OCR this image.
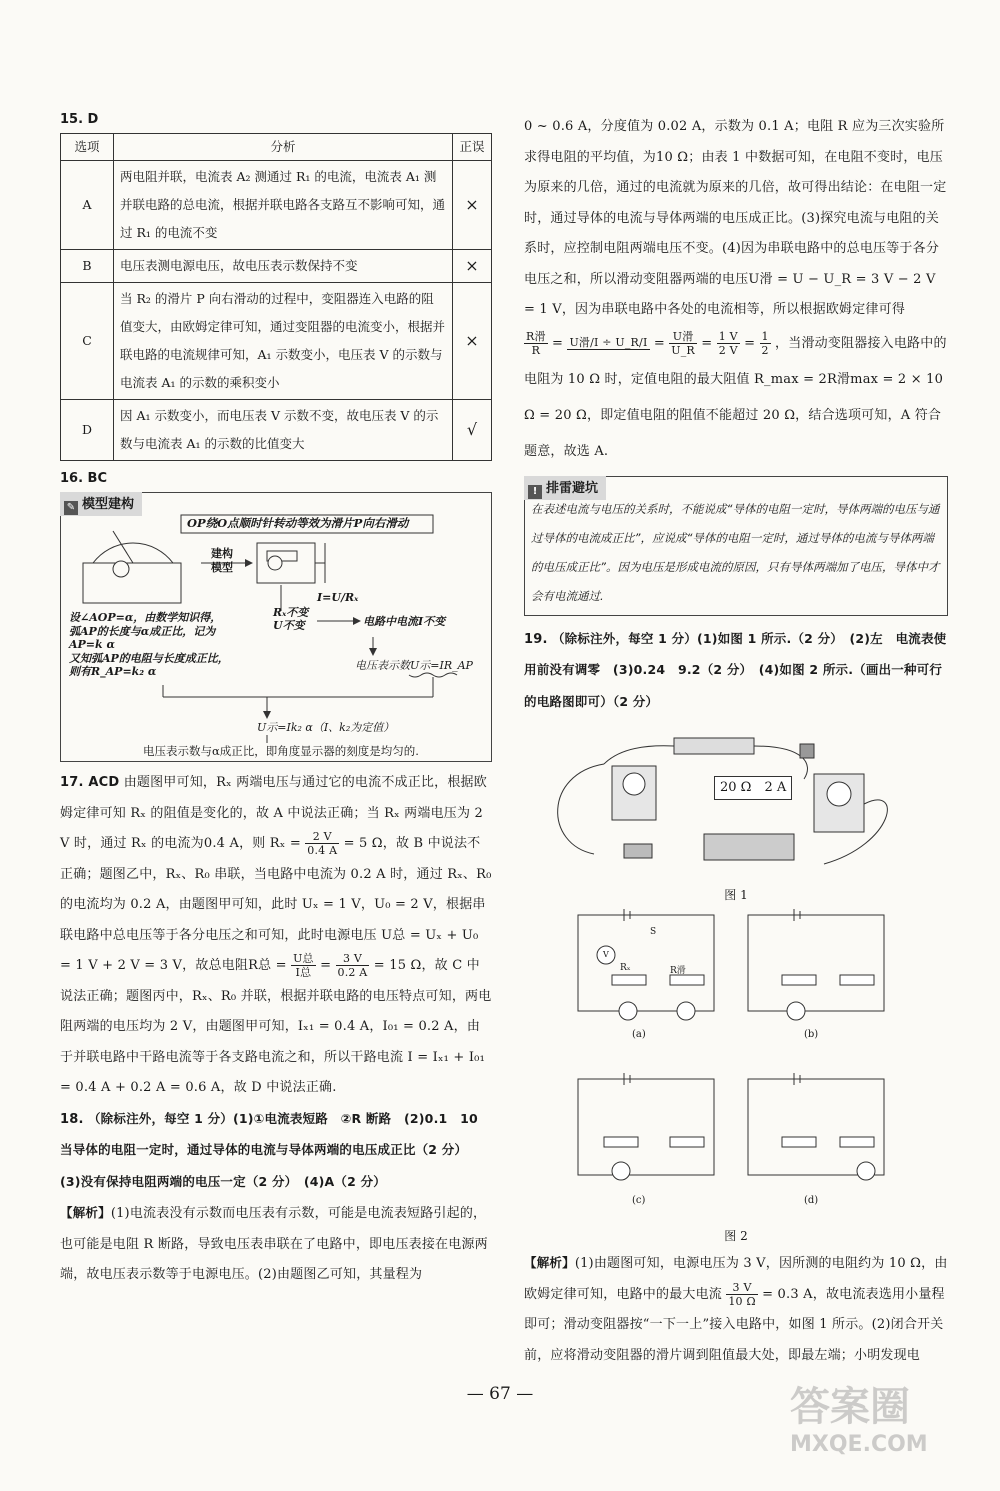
15. D
选项	分析	正误
A	两电阻并联，电流表 A₂ 测通过 R₁ 的电流，电流表 A₁ 测并联电路的总电流，根据并联电路各支路互不影响可知，通过 R₁ 的电流不变	×
B	电压表测电源电压，故电压表示数保持不变	×
C	当 R₂ 的滑片 P 向右滑动的过程中，变阻器连入电路的阻值变大，由欧姆定律可知，通过变阻器的电流变小，根据并联电路的电流规律可知，A₁ 示数变小，电压表 V 的示数与电流表 A₁ 的示数的乘积变小	×
D	因 A₁ 示数变小，而电压表 V 示数不变，故电压表 V 的示数与电流表 A₁ 的示数的比值变大	√
16. BC
✎ 模型建构
OP绕O点顺时针转动等效为滑片P向右滑动
建构模型
Rₓ不变
U不变
I=U/Rₓ
电路中电流I不变
设∠AOP=α，由数学知识得，
弧AP的长度与α成正比，记为
AP=k α
又知弧AP的电阻与长度成正比，
则有R_AP=k₂ α	电压表示数U示=IR_AP
U示=Ik₂ α（I、k₂为定值）
电压表示数与α成正比，即角度显示器的刻度是均匀的.
17. ACD 由题图甲可知，Rₓ 两端电压与通过它的电流不成正比，根据欧姆定律可知 Rₓ 的阻值是变化的，故 A 中说法正确；当 Rₓ 两端电压为 2 V 时，通过 Rₓ 的电流为0.4 A，则 $R_x = \frac{2 V}{0.4 A} = 5$ Ω，故 B 中说法不正确；题图乙中，Rₓ、R₀ 串联，当电路中电流为 0.2 A 时，通过 Rₓ、R₀ 的电流均为 0.2 A，由题图甲可知，此时 Uₓ = 1 V，U₀ = 2 V，根据串联电路中总电压等于各分电压之和可知，此时电源电压 U总 = Uₓ + U₀ = 1 V + 2 V = 3 V，故总电阻R总 = $\frac{\text{U总}}{\text{I总}} = \frac{3 V}{0.2 A} = 15$ Ω，故 C 中说法正确；题图丙中，Rₓ、R₀ 并联，根据并联电路的电压特点可知，两电阻两端的电压均为 2 V，由题图甲可知，Iₓ₁ = 0.4 A，I₀₁ = 0.2 A，由于并联电路中干路电流等于各支路电流之和，所以干路电流 I = Iₓ₁ + I₀₁ = 0.4 A + 0.2 A = 0.6 A，故 D 中说法正确.
18. （除标注外，每空 1 分）(1)①电流表短路　②R 断路　(2)0.1　10　当导体的电阻一定时，通过导体的电流与导体两端的电压成正比（2 分）　(3)没有保持电阻两端的电压一定（2 分）　(4)A（2 分）
【解析】(1)电流表没有示数而电压表有示数，可能是电流表短路引起的，也可能是电阻 R 断路，导致电压表串联在了电路中，即电压表接在电源两端，故电压表示数等于电源电压。(2)由题图乙可知，其量程为
0 ~ 0.6 A，分度值为 0.02 A，示数为 0.1 A；电阻 R 应为三次实验所求得电阻的平均值，为10 Ω；由表 1 中数据可知，在电阻不变时，电压为原来的几倍，通过的电流就为原来的几倍，故可得出结论：在电阻一定时，通过导体的电流与导体两端的电压成正比。(3)探究电流与电阻的关系时，应控制电阻两端电压不变。(4)因为串联电路中的总电压等于各分电压之和，所以滑动变阻器两端的电压U滑 = U − U_R = 3 V − 2 V = 1 V，因为串联电路中各处的电流相等，所以根据欧姆定律可得
$\frac{\text{R滑}}{R} = U$滑/I ÷ U_R/I = $\frac{\text{U滑}}{U\_R} = \frac{1 V}{2 V} = \frac{1}{2}$ ，当滑动变阻器接入电路中的电阻为 10 Ω 时，定值电阻的最大阻值 R_max = 2R滑max = 2 × 10 Ω = 20 Ω，即定值电阻的阻值不能超过 20 Ω，结合选项可知，A 符合题意，故选 A.
! 排雷避坑
在表述电流与电压的关系时，不能说成“导体的电阻一定时，导体两端的电压与通过导体的电流成正比”，应说成“导体的电阻一定时，通过导体的电流与导体两端的电压成正比”。因为电压是形成电流的原因，只有导体两端加了电压，导体中才会有电流通过.
19. （除标注外，每空 1 分）(1)如图 1 所示.（2 分）　(2)左　电流表使用前没有调零　(3)0.24　9.2（2 分）　(4)如图 2 所示.（画出一种可行的电路图即可）（2 分）
20 Ω　2 A
图 1
(a)	(b)
(c)	(d)
Rₓ	R滑
S
V
图 2
【解析】(1)由题图可知，电源电压为 3 V，因所测的电阻约为 10 Ω，由欧姆定律可知，电路中的最大电流 $\frac{3 V}{10 \Omega} = 0.3$ A，故电流表选用小量程即可；滑动变阻器按“一下一上”接入电路中，如图 1 所示。(2)闭合开关前，应将滑动变阻器的滑片调到阻值最大处，即最左端；小明发现电
— 67 —	答案圈
MXQE.COM
